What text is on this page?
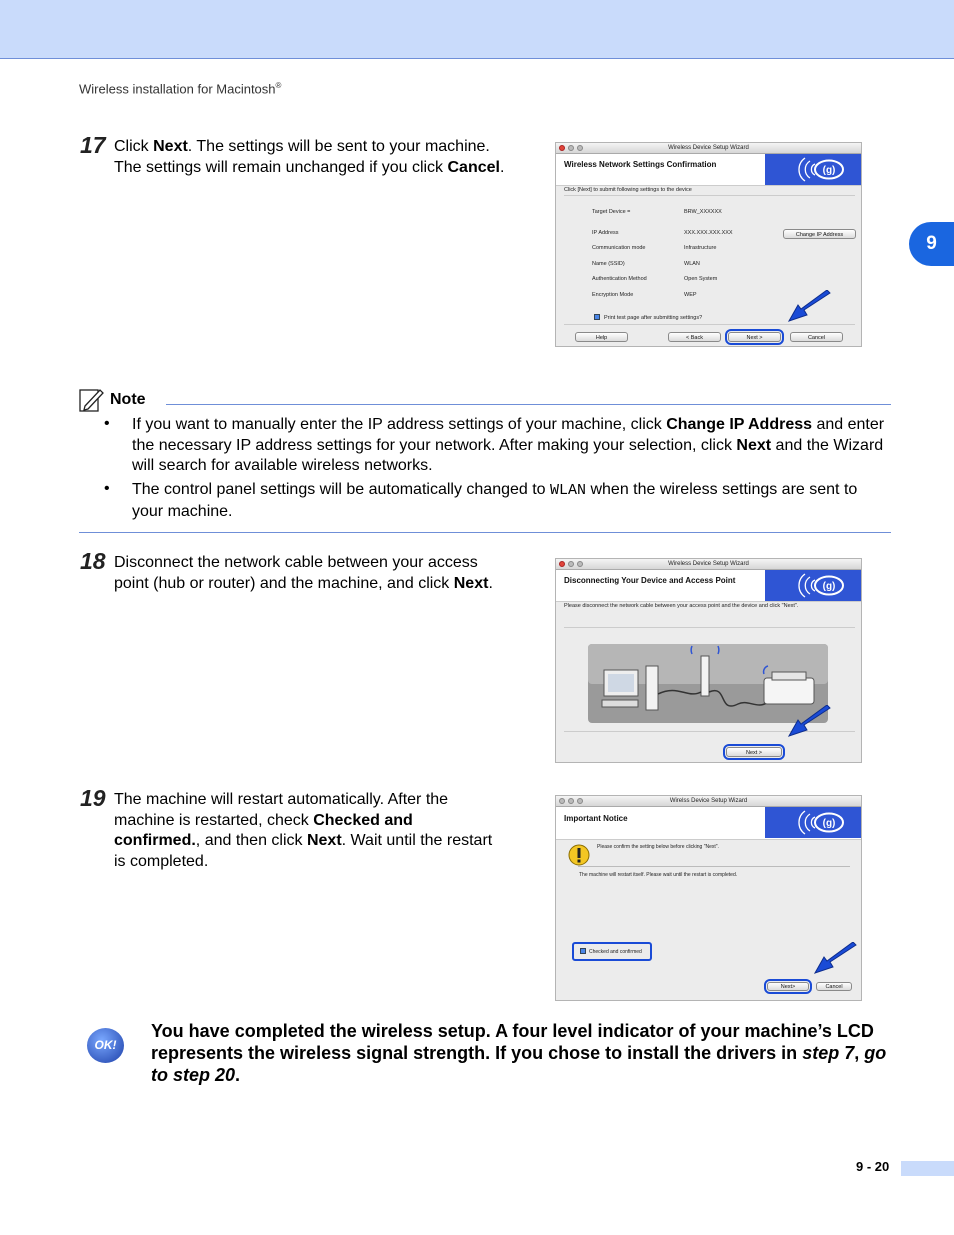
Wireless installation for Macintosh®
9
17 Click Next. The settings will be sent to your machine. The settings will remain unchanged if you click Cancel.
Wireless Device Setup Wizard
Wireless Network Settings Confirmation
(g)
Click [Next] to submit following settings to the device
Change IP Address
Print test page after submitting settings?
Help	< Back	Next >	Cancel
Target Device =	BRW_XXXXXX
IP Address	XXX.XXX.XXX.XXX
Communication mode	Infrastructure
Name (SSID)	WLAN
Authentication Method	Open System
Encryption Mode	WEP
Note
• If you want to manually enter the IP address settings of your machine, click Change IP Address and enter the necessary IP address settings for your network. After making your selection, click Next and the Wizard will search for available wireless networks.
• The control panel settings will be automatically changed to WLAN when the wireless settings are sent to your machine.
18 Disconnect the network cable between your access point (hub or router) and the machine, and click Next.
Wireless Device Setup Wizard
Disconnecting Your Device and Access Point
(g)
Please disconnect the network cable between your access point and the device and click "Next".
Next >
19 The machine will restart automatically. After the machine is restarted, check Checked and confirmed., and then click Next. Wait until the restart is completed.
Wirelss Device Setup Wizard
Important Notice	(g)
Please confirm the setting below before clicking "Next".
The machine will restart itself. Please wait until the restart is completed.
Checked and confirmed
Next>	Cancel
OK!
You have completed the wireless setup. A four level indicator of your machine’s LCD represents the wireless signal strength. If you chose to install the drivers in step 7, go to step 20.
9 - 20
